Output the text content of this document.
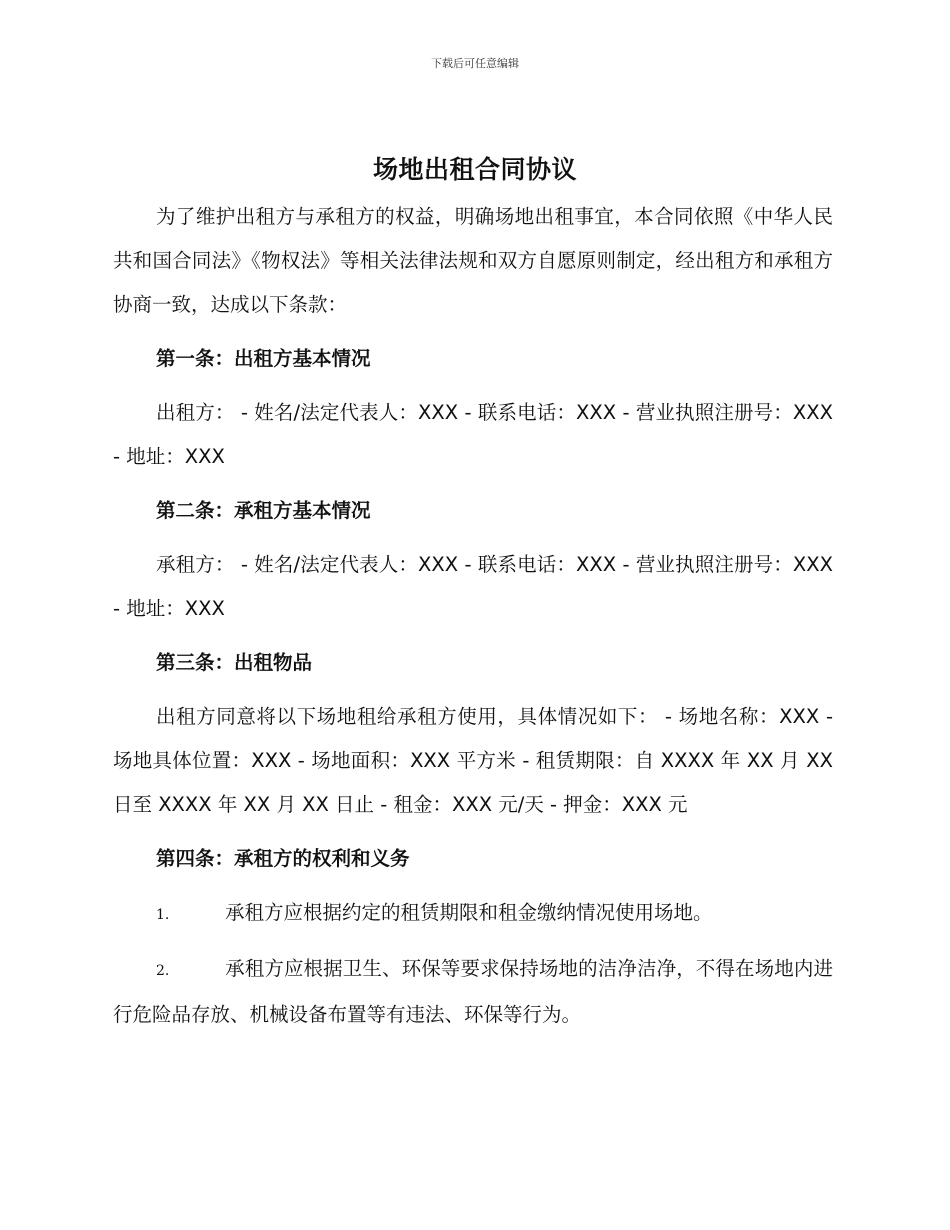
下载后可任意编辑
场地出租合同协议

为了维护出租方与承租方的权益，明确场地出租事宜，本合同依照《中华人民共和国合同法》《物权法》等相关法律法规和双方自愿原则制定，经出租方和承租方协商一致，达成以下条款：

第一条：出租方基本情况

出租方： - 姓名/法定代表人：XXX - 联系电话：XXX - 营业执照注册号：XXX - 地址：XXX

第二条：承租方基本情况

承租方： - 姓名/法定代表人：XXX - 联系电话：XXX - 营业执照注册号：XXX - 地址：XXX

第三条：出租物品

出租方同意将以下场地租给承租方使用，具体情况如下： - 场地名称：XXX - 场地具体位置：XXX - 场地面积：XXX 平方米 - 租赁期限：自 XXXX 年 XX 月 XX 日至 XXXX 年 XX 月 XX 日止 - 租金：XXX 元/天 - 押金：XXX 元

第四条：承租方的权利和义务

1.	承租方应根据约定的租赁期限和租金缴纳情况使用场地。

2.	承租方应根据卫生、环保等要求保持场地的洁净洁净，不得在场地内进行危险品存放、机械设备布置等有违法、环保等行为。
